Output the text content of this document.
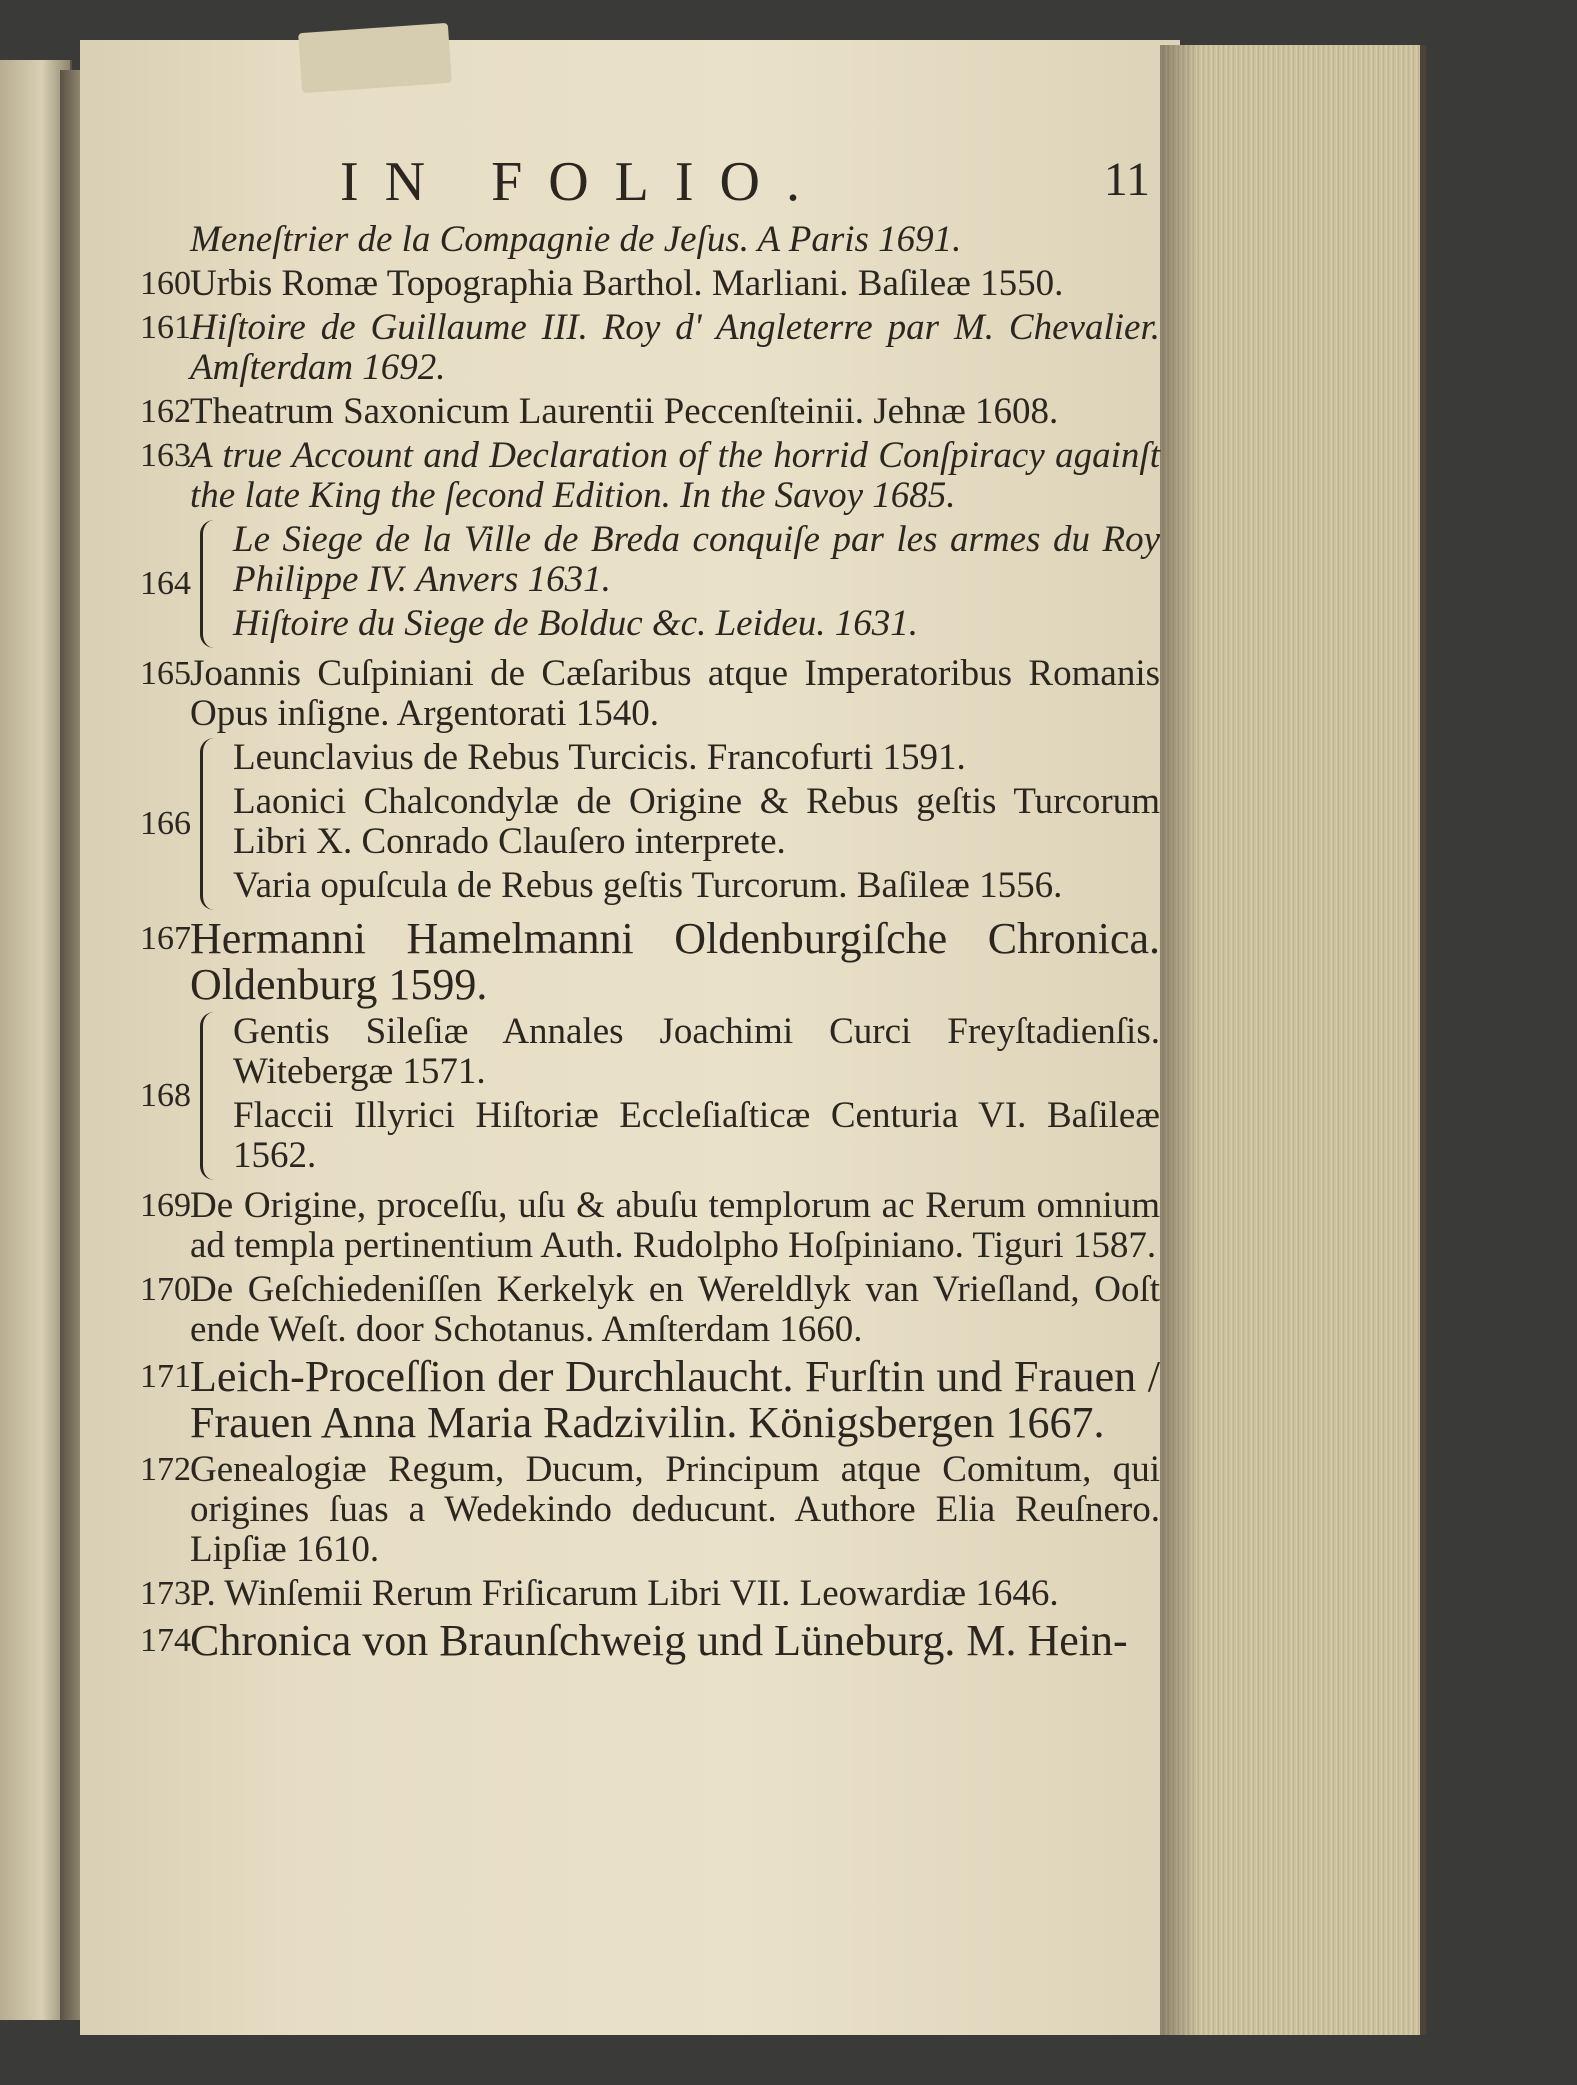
IN FOLIO.	11
Meneſtrier de la Compagnie de Jeſus. A Paris 1691.
160 Urbis Romæ Topographia Barthol. Marliani. Baſileæ 1550.
161 Hiſtoire de Guillaume III. Roy d' Angleterre par M. Chevalier. Amſterdam 1692.
162 Theatrum Saxonicum Laurentii Peccenſteinii. Jehnæ 1608.
163 A true Account and Declaration of the horrid Conſpiracy againſt the late King the ſecond Edition. In the Savoy 1685.
164
Le Siege de la Ville de Breda conquiſe par les armes du Roy Philippe IV. Anvers 1631.
Hiſtoire du Siege de Bolduc &c. Leideu. 1631.
165 Joannis Cuſpiniani de Cæſaribus atque Imperatoribus Romanis Opus inſigne. Argentorati 1540.
166
Leunclavius de Rebus Turcicis. Francofurti 1591.
Laonici Chalcondylæ de Origine & Rebus geſtis Turcorum Libri X. Conrado Clauſero interprete.
Varia opuſcula de Rebus geſtis Turcorum. Baſileæ 1556.
167 Hermanni Hamelmanni Oldenburgiſche Chronica. Oldenburg 1599.
168
Gentis Sileſiæ Annales Joachimi Curci Freyſtadienſis. Witebergæ 1571.
Flaccii Illyrici Hiſtoriæ Eccleſiaſticæ Centuria VI. Baſileæ 1562.
169 De Origine, proceſſu, uſu & abuſu templorum ac Rerum omnium ad templa pertinentium Auth. Rudolpho Hoſpiniano. Tiguri 1587.
170 De Geſchiedeniſſen Kerkelyk en Wereldlyk van Vrieſland, Ooſt ende Weſt. door Schotanus. Amſterdam 1660.
171 Leich-Proceſſion der Durchlaucht. Furſtin und Frauen / Frauen Anna Maria Radzivilin. Königsbergen 1667.
172 Genealogiæ Regum, Ducum, Principum atque Comitum, qui origines ſuas a Wedekindo deducunt. Authore Elia Reuſnero. Lipſiæ 1610.
173 P. Winſemii Rerum Friſicarum Libri VII. Leowardiæ 1646.
174 Chronica von Braunſchweig und Lüneburg. M. Hein-
